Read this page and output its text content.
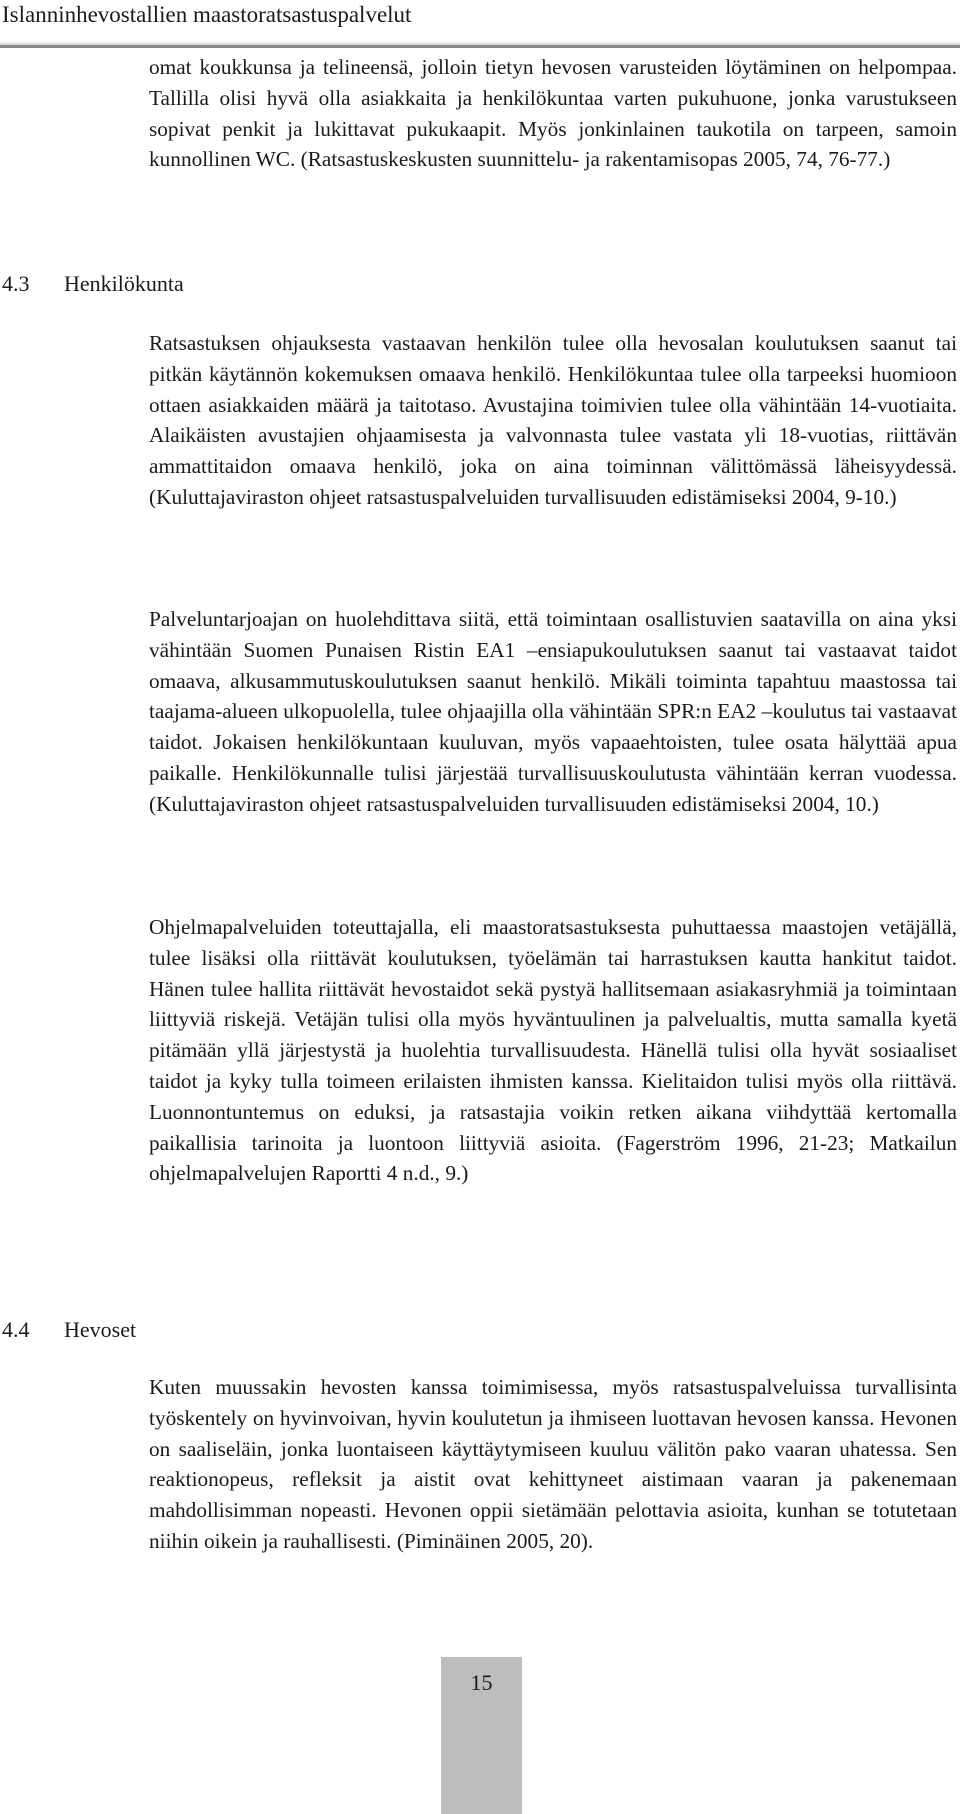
Islanninhevostallien maastoratsastuspalvelut

omat koukkunsa ja telineensä, jolloin tietyn hevosen varusteiden löytäminen on helpompaa. Tallilla olisi hyvä olla asiakkaita ja henkilökuntaa varten pukuhuone, jonka varustukseen sopivat penkit ja lukittavat pukukaapit. Myös jonkinlainen taukotila on tarpeen, samoin kunnollinen WC. (Ratsastuskeskusten suunnittelu- ja rakentamisopas 2005, 74, 76-77.)

4.3 Henkilökunta

Ratsastuksen ohjauksesta vastaavan henkilön tulee olla hevosalan koulutuksen saanut tai pitkän käytännön kokemuksen omaava henkilö. Henkilökuntaa tulee olla tarpeeksi huomioon ottaen asiakkaiden määrä ja taitotaso. Avustajina toimivien tulee olla vähintään 14-vuotiaita. Alaikäisten avustajien ohjaamisesta ja valvonnasta tulee vastata yli 18-vuotias, riittävän ammattitaidon omaava henkilö, joka on aina toiminnan välittömässä läheisyydessä. (Kuluttajaviraston ohjeet ratsastuspalveluiden turvallisuuden edistämiseksi 2004, 9-10.)

Palveluntarjoajan on huolehdittava siitä, että toimintaan osallistuvien saatavilla on aina yksi vähintään Suomen Punaisen Ristin EA1 –ensiapukoulutuksen saanut tai vastaavat taidot omaava, alkusammutuskoulutuksen saanut henkilö. Mikäli toiminta tapahtuu maastossa tai taajama-alueen ulkopuolella, tulee ohjaajilla olla vähintään SPR:n EA2 –koulutus tai vastaavat taidot. Jokaisen henkilökuntaan kuuluvan, myös vapaaehtoisten, tulee osata hälyttää apua paikalle. Henkilökunnalle tulisi järjestää turvallisuuskoulutusta vähintään kerran vuodessa. (Kuluttajaviraston ohjeet ratsastuspalveluiden turvallisuuden edistämiseksi 2004, 10.)

Ohjelmapalveluiden toteuttajalla, eli maastoratsastuksesta puhuttaessa maastojen vetäjällä, tulee lisäksi olla riittävät koulutuksen, työelämän tai harrastuksen kautta hankitut taidot. Hänen tulee hallita riittävät hevostaidot sekä pystyä hallitsemaan asiakasryhmiä ja toimintaan liittyviä riskejä. Vetäjän tulisi olla myös hyväntuulinen ja palvelualtis, mutta samalla kyetä pitämään yllä järjestystä ja huolehtia turvallisuudesta. Hänellä tulisi olla hyvät sosiaaliset taidot ja kyky tulla toimeen erilaisten ihmisten kanssa. Kielitaidon tulisi myös olla riittävä. Luonnontuntemus on eduksi, ja ratsastajia voikin retken aikana viihdyttää kertomalla paikallisia tarinoita ja luontoon liittyviä asioita. (Fagerström 1996, 21-23; Matkailun ohjelmapalvelujen Raportti 4 n.d., 9.)

4.4 Hevoset

Kuten muussakin hevosten kanssa toimimisessa, myös ratsastuspalveluissa turvallisinta työskentely on hyvinvoivan, hyvin koulutetun ja ihmiseen luottavan hevosen kanssa. Hevonen on saaliseläin, jonka luontaiseen käyttäytymiseen kuuluu välitön pako vaaran uhatessa. Sen reaktionopeus, refleksit ja aistit ovat kehittyneet aistimaan vaaran ja pakenemaan mahdollisimman nopeasti. Hevonen oppii sietämään pelottavia asioita, kunhan se totutetaan niihin oikein ja rauhallisesti. (Piminäinen 2005, 20).

15
